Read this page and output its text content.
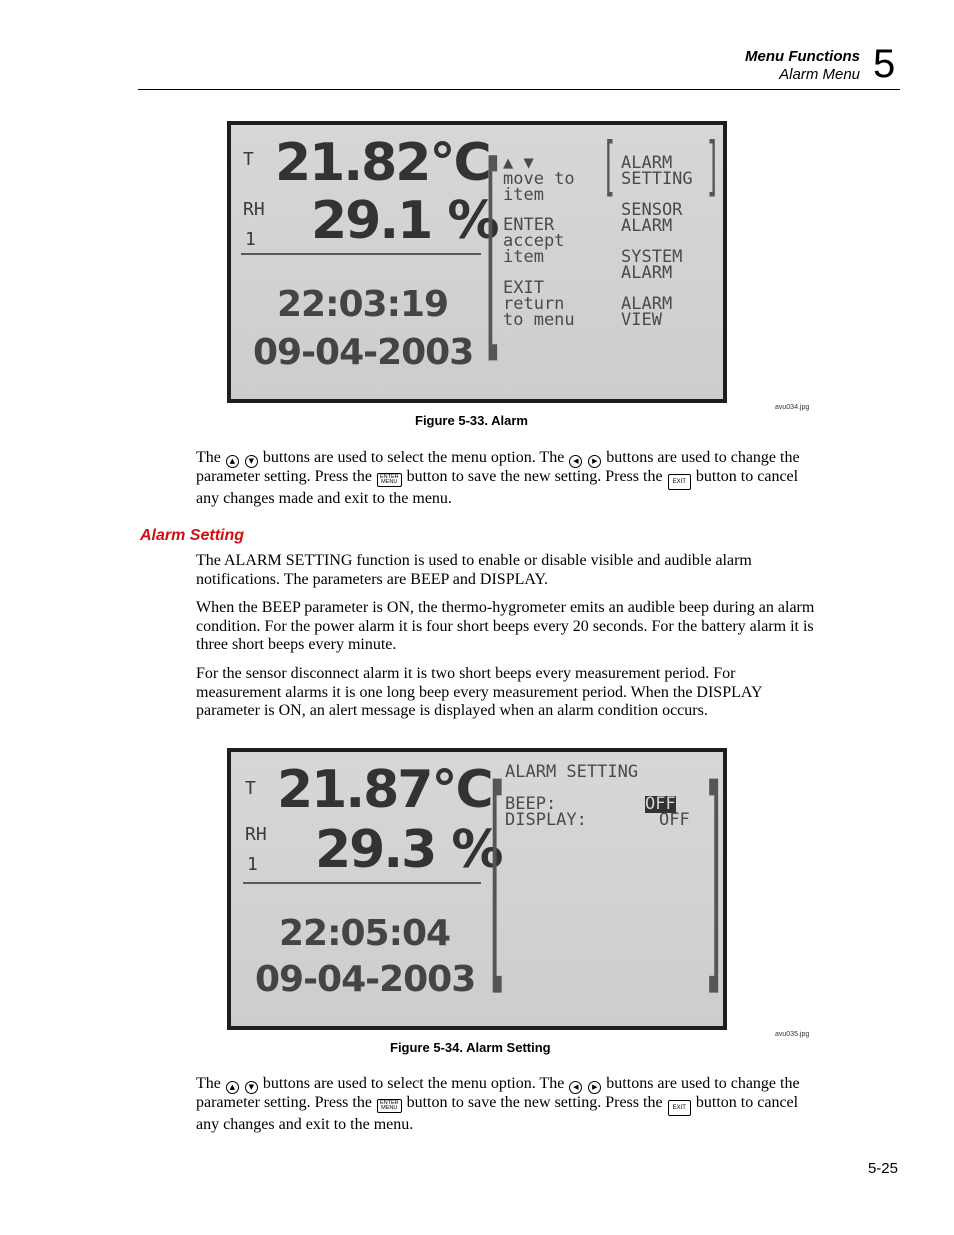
Menu Functions
Alarm Menu 5
T 21.82°C
RH
1 29.1 %
22:03:19
09-04-2003 [ ▲ ▼
move to
item
ENTER
accept
item
EXIT
return
to menu
[ ]
ALARM
SETTING
SENSOR
ALARM
SYSTEM
ALARM
ALARM
VIEW
avu034.jpg
Figure 5-33. Alarm
The ▲ ▼ buttons are used to select the menu option. The ◀ ▶ buttons are used to change the parameter setting. Press the ENTER
MENU button to save the new setting. Press the EXIT button to cancel any changes made and exit to the menu.
Alarm Setting
The ALARM SETTING function is used to enable or disable visible and audible alarm notifications. The parameters are BEEP and DISPLAY.
When the BEEP parameter is ON, the thermo-hygrometer emits an audible beep during an alarm condition. For the power alarm it is four short beeps every 20 seconds. For the battery alarm it is three short beeps every minute.
For the sensor disconnect alarm it is two short beeps every measurement period. For measurement alarms it is one long beep every measurement period. When the DISPLAY parameter is ON, an alert message is displayed when an alarm condition occurs.
T 21.87°C
RH
1 29.3 %
22:05:04
09-04-2003 [ ]
ALARM SETTING
BEEP:	OFF
DISPLAY:	OFF
avu035.jpg
Figure 5-34. Alarm Setting
The ▲ ▼ buttons are used to select the menu option. The ◀ ▶ buttons are used to change the parameter setting. Press the ENTER
MENU button to save the new setting. Press the EXIT button to cancel any changes and exit to the menu.
5-25
